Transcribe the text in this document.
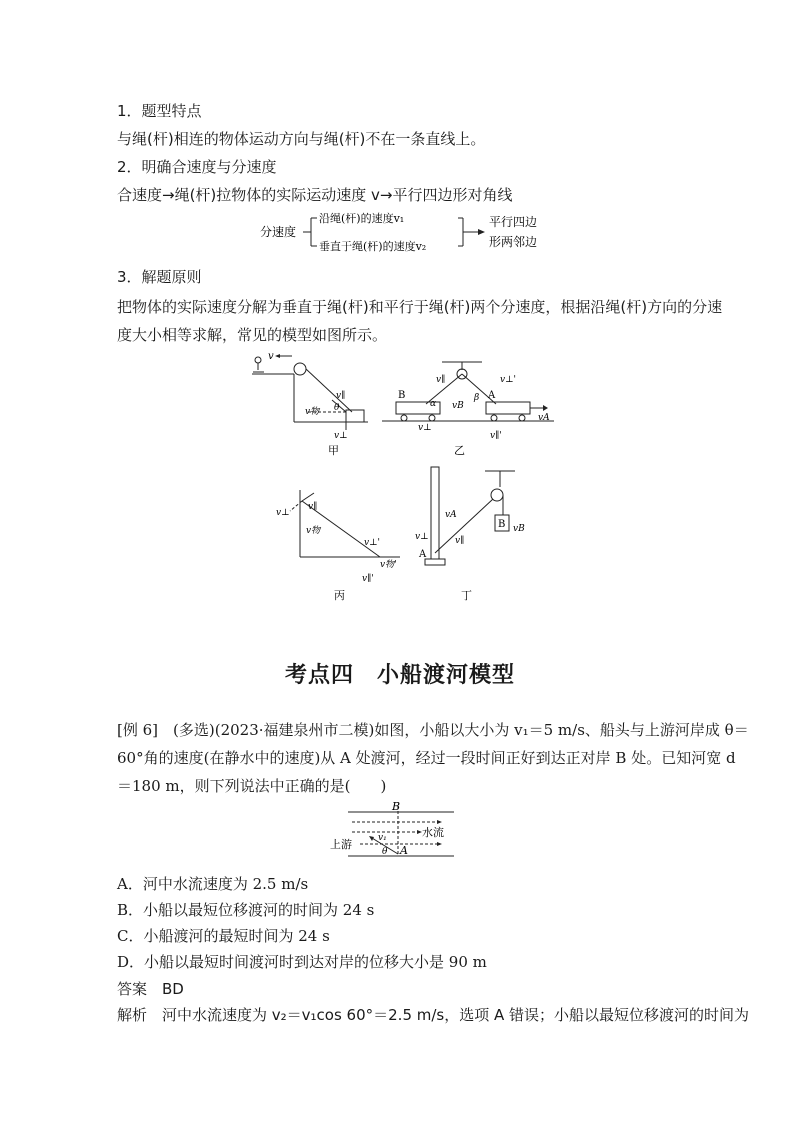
1．题型特点
与绳(杆)相连的物体运动方向与绳(杆)不在一条直线上。
2．明确合速度与分速度
合速度→绳(杆)拉物体的实际运动速度 v→平行四边形对角线
分速度
沿绳(杆)的速度v₁
垂直于绳(杆)的速度v₂
平行四边
形两邻边
3．解题原则
把物体的实际速度分解为垂直于绳(杆)和平行于绳(杆)两个分速度，根据沿绳(杆)方向的分速
度大小相等求解，常见的模型如图所示。
v
v∥
θ
v物
v⊥
甲
B	A
v∥
α
v⊥
vB
β
v⊥'
vA
v∥'
乙
v⊥
v∥
v物
v⊥'
v物'
v∥'
丙
vA
v⊥	v∥
A
B vB
丁
考点四　小船渡河模型
[例 6]　(多选)(2023·福建泉州市二模)如图，小船以大小为 v₁＝5 m/s、船头与上游河岸成 θ＝
60°角的速度(在静水中的速度)从 A 处渡河，经过一段时间正好到达正对岸 B 处。已知河宽 d
＝180 m，则下列说法中正确的是(　　)
B
水流
上游	v₁
θ A
A．河中水流速度为 2.5 m/s
B．小船以最短位移渡河的时间为 24 s
C．小船渡河的最短时间为 24 s
D．小船以最短时间渡河时到达对岸的位移大小是 90 m
答案　BD
解析　河中水流速度为 v₂＝v₁cos 60°＝2.5 m/s，选项 A 错误；小船以最短位移渡河的时间为
